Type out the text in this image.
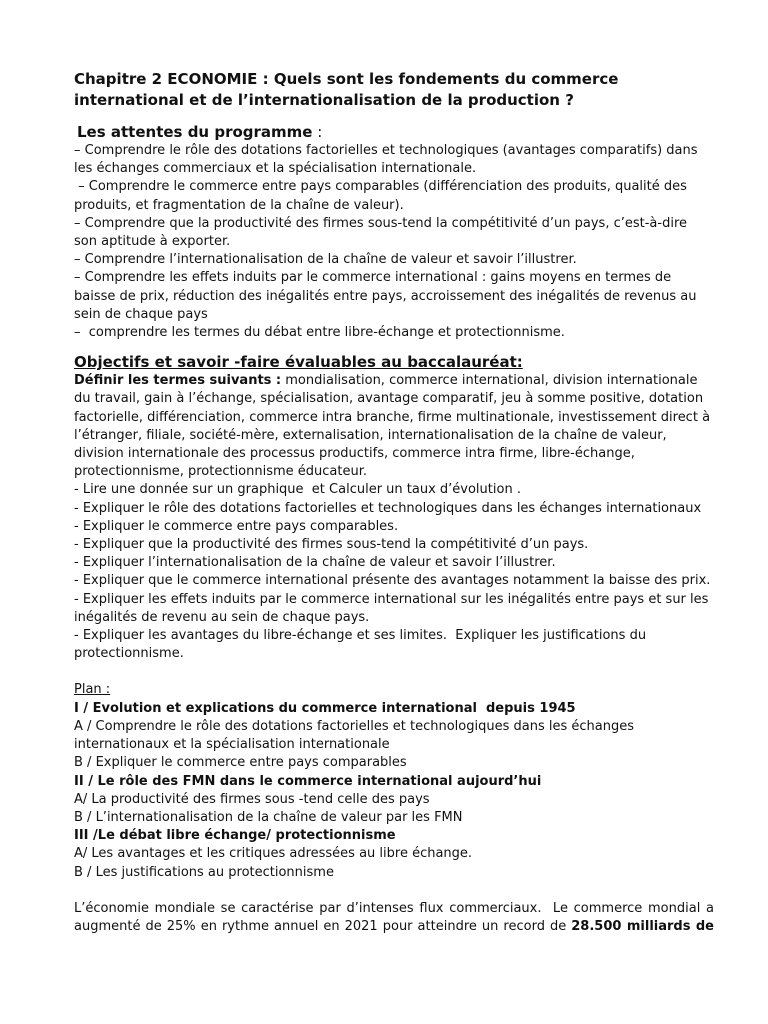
Chapitre 2 ECONOMIE : Quels sont les fondements du commerce international et de l’internationalisation de la production ?
Les attentes du programme :
– Comprendre le rôle des dotations factorielles et technologiques (avantages comparatifs) dans les échanges commerciaux et la spécialisation internationale.
– Comprendre le commerce entre pays comparables (différenciation des produits, qualité des produits, et fragmentation de la chaîne de valeur).
– Comprendre que la productivité des firmes sous-tend la compétitivité d’un pays, c’est-à-dire son aptitude à exporter.
– Comprendre l’internationalisation de la chaîne de valeur et savoir l’illustrer.
– Comprendre les effets induits par le commerce international : gains moyens en termes de baisse de prix, réduction des inégalités entre pays, accroissement des inégalités de revenus au sein de chaque pays
–  comprendre les termes du débat entre libre-échange et protectionnisme.
Objectifs et savoir -faire évaluables au baccalauréat:
Définir les termes suivants : mondialisation, commerce international, division internationale du travail, gain à l’échange, spécialisation, avantage comparatif, jeu à somme positive, dotation factorielle, différenciation, commerce intra branche, firme multinationale, investissement direct à l’étranger, filiale, société-mère, externalisation, internationalisation de la chaîne de valeur, division internationale des processus productifs, commerce intra firme, libre-échange, protectionnisme, protectionnisme éducateur.
- Lire une donnée sur un graphique  et Calculer un taux d’évolution .
- Expliquer le rôle des dotations factorielles et technologiques dans les échanges internationaux
- Expliquer le commerce entre pays comparables.
- Expliquer que la productivité des firmes sous-tend la compétitivité d’un pays.
- Expliquer l’internationalisation de la chaîne de valeur et savoir l’illustrer.
- Expliquer que le commerce international présente des avantages notamment la baisse des prix.
- Expliquer les effets induits par le commerce international sur les inégalités entre pays et sur les inégalités de revenu au sein de chaque pays.
- Expliquer les avantages du libre-échange et ses limites.  Expliquer les justifications du protectionnisme.
Plan :
I / Evolution et explications du commerce international  depuis 1945
A / Comprendre le rôle des dotations factorielles et technologiques dans les échanges internationaux et la spécialisation internationale
B / Expliquer le commerce entre pays comparables
II / Le rôle des FMN dans le commerce international aujourd’hui
A/ La productivité des firmes sous -tend celle des pays
B / L’internationalisation de la chaîne de valeur par les FMN
III /Le débat libre échange/ protectionnisme
A/ Les avantages et les critiques adressées au libre échange.
B / Les justifications au protectionnisme
L’économie mondiale se caractérise par d’intenses flux commerciaux.  Le commerce mondial a augmenté de 25% en rythme annuel en 2021 pour atteindre un record de 28.500 milliards de
